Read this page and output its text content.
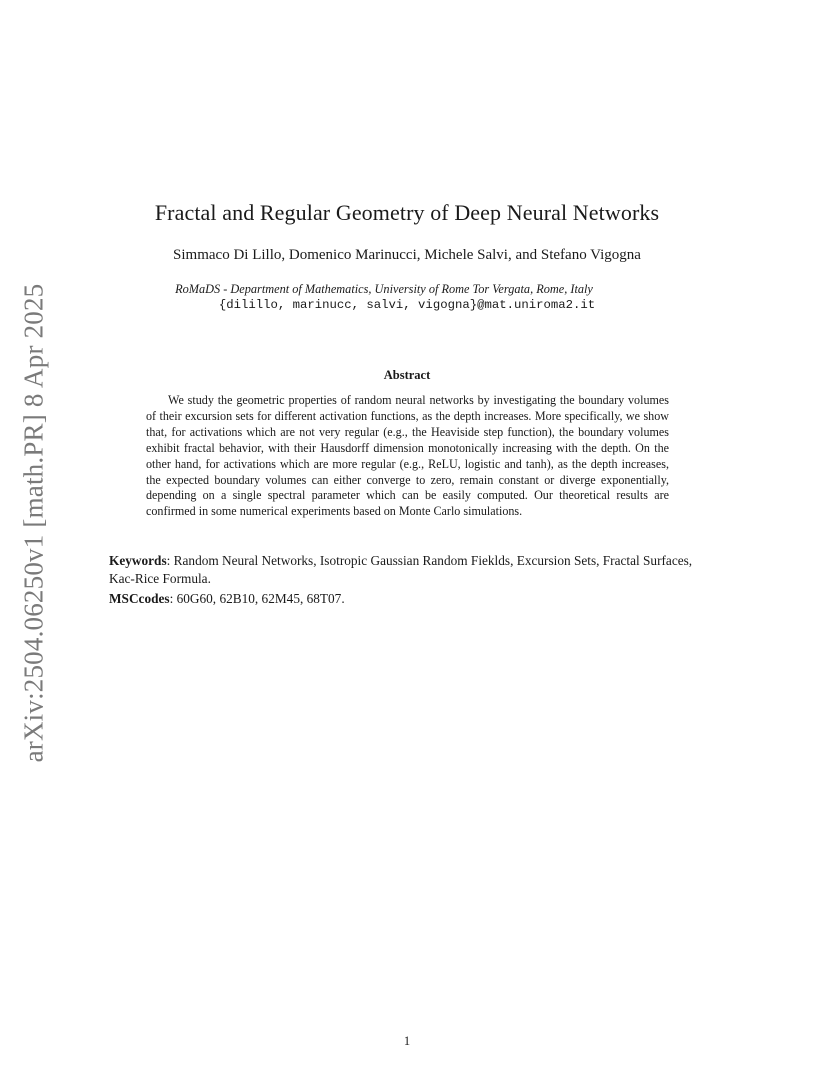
arXiv:2504.06250v1 [math.PR] 8 Apr 2025
Fractal and Regular Geometry of Deep Neural Networks
Simmaco Di Lillo, Domenico Marinucci, Michele Salvi, and Stefano Vigogna
RoMaDS - Department of Mathematics, University of Rome Tor Vergata, Rome, Italy
{dilillo, marinucc, salvi, vigogna}@mat.uniroma2.it
Abstract
We study the geometric properties of random neural networks by investigating the boundary volumes of their excursion sets for different activation functions, as the depth increases. More specifically, we show that, for activations which are not very regular (e.g., the Heaviside step function), the boundary volumes exhibit fractal behavior, with their Hausdorff dimension monotonically increasing with the depth. On the other hand, for activations which are more regular (e.g., ReLU, logistic and tanh), as the depth increases, the expected boundary volumes can either converge to zero, remain constant or diverge exponentially, depending on a single spectral parameter which can be easily computed. Our theoretical results are confirmed in some numerical experiments based on Monte Carlo simulations.
Keywords: Random Neural Networks, Isotropic Gaussian Random Fieklds, Excursion Sets, Fractal Surfaces, Kac-Rice Formula.
MSCcodes: 60G60, 62B10, 62M45, 68T07.
1
